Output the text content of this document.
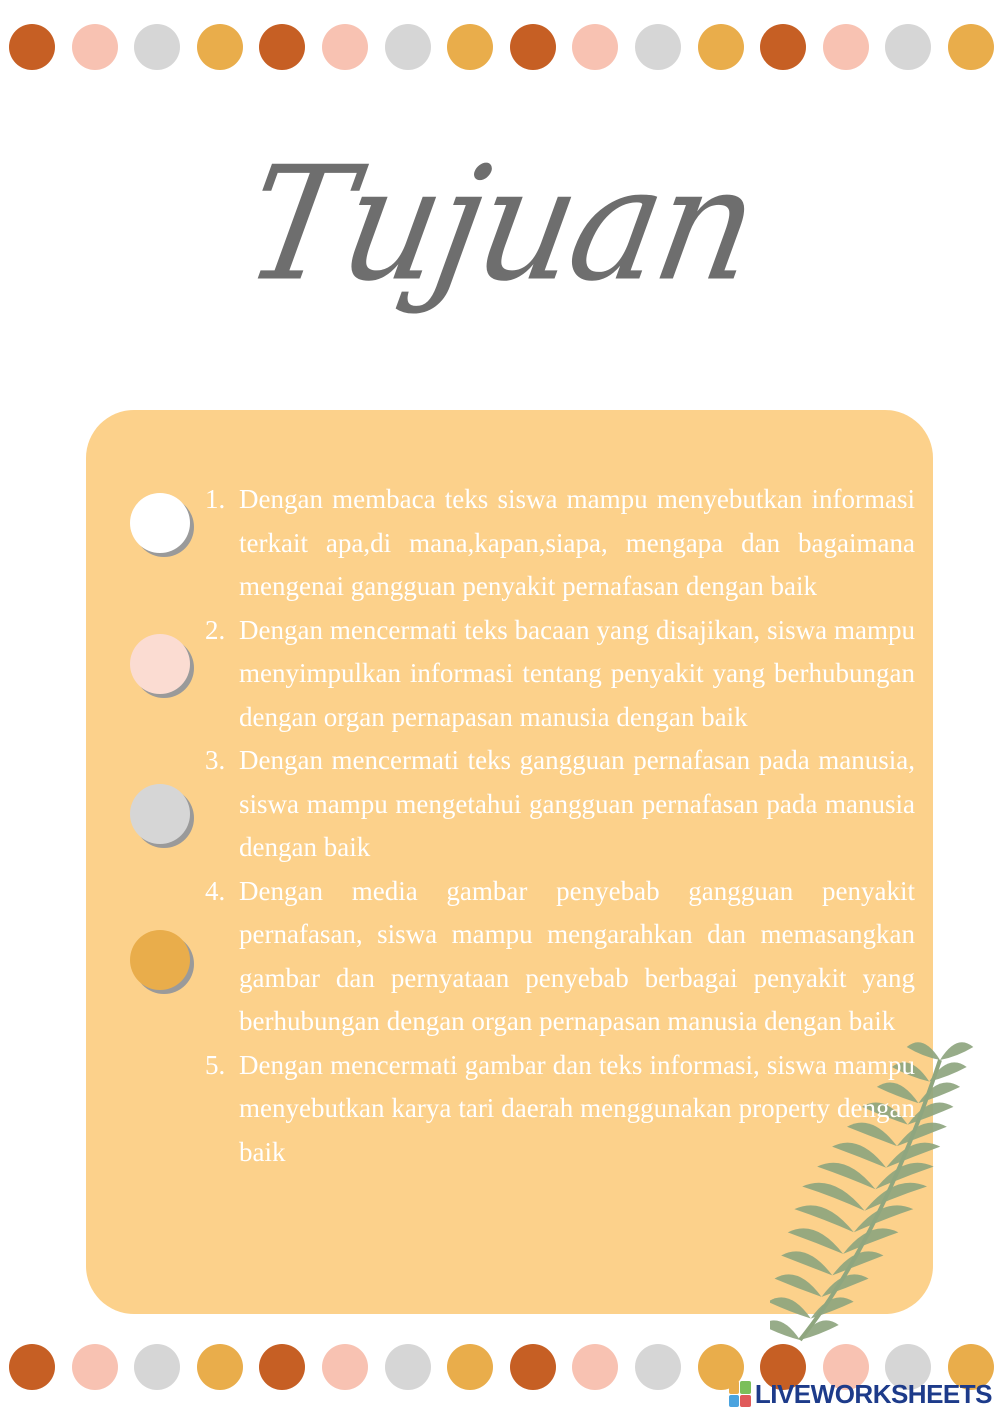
Tujuan
1. Dengan membaca teks siswa mampu menyebutkan informasi terkait apa,di mana,kapan,siapa, mengapa dan bagaimana mengenai gangguan penyakit pernafasan dengan baik
2. Dengan mencermati teks bacaan yang disajikan, siswa mampu menyimpulkan informasi tentang penyakit yang berhubungan dengan organ pernapasan manusia dengan baik
3. Dengan mencermati teks gangguan pernafasan pada manusia, siswa mampu mengetahui gangguan pernafasan pada manusia dengan baik
4. Dengan media gambar penyebab gangguan penyakit pernafasan, siswa mampu mengarahkan dan memasangkan gambar dan pernyataan penyebab berbagai penyakit yang berhubungan dengan organ pernapasan manusia dengan baik
5. Dengan mencermati gambar dan teks informasi, siswa mampu menyebutkan karya tari daerah menggunakan property dengan baik
LIVEWORKSHEETS
